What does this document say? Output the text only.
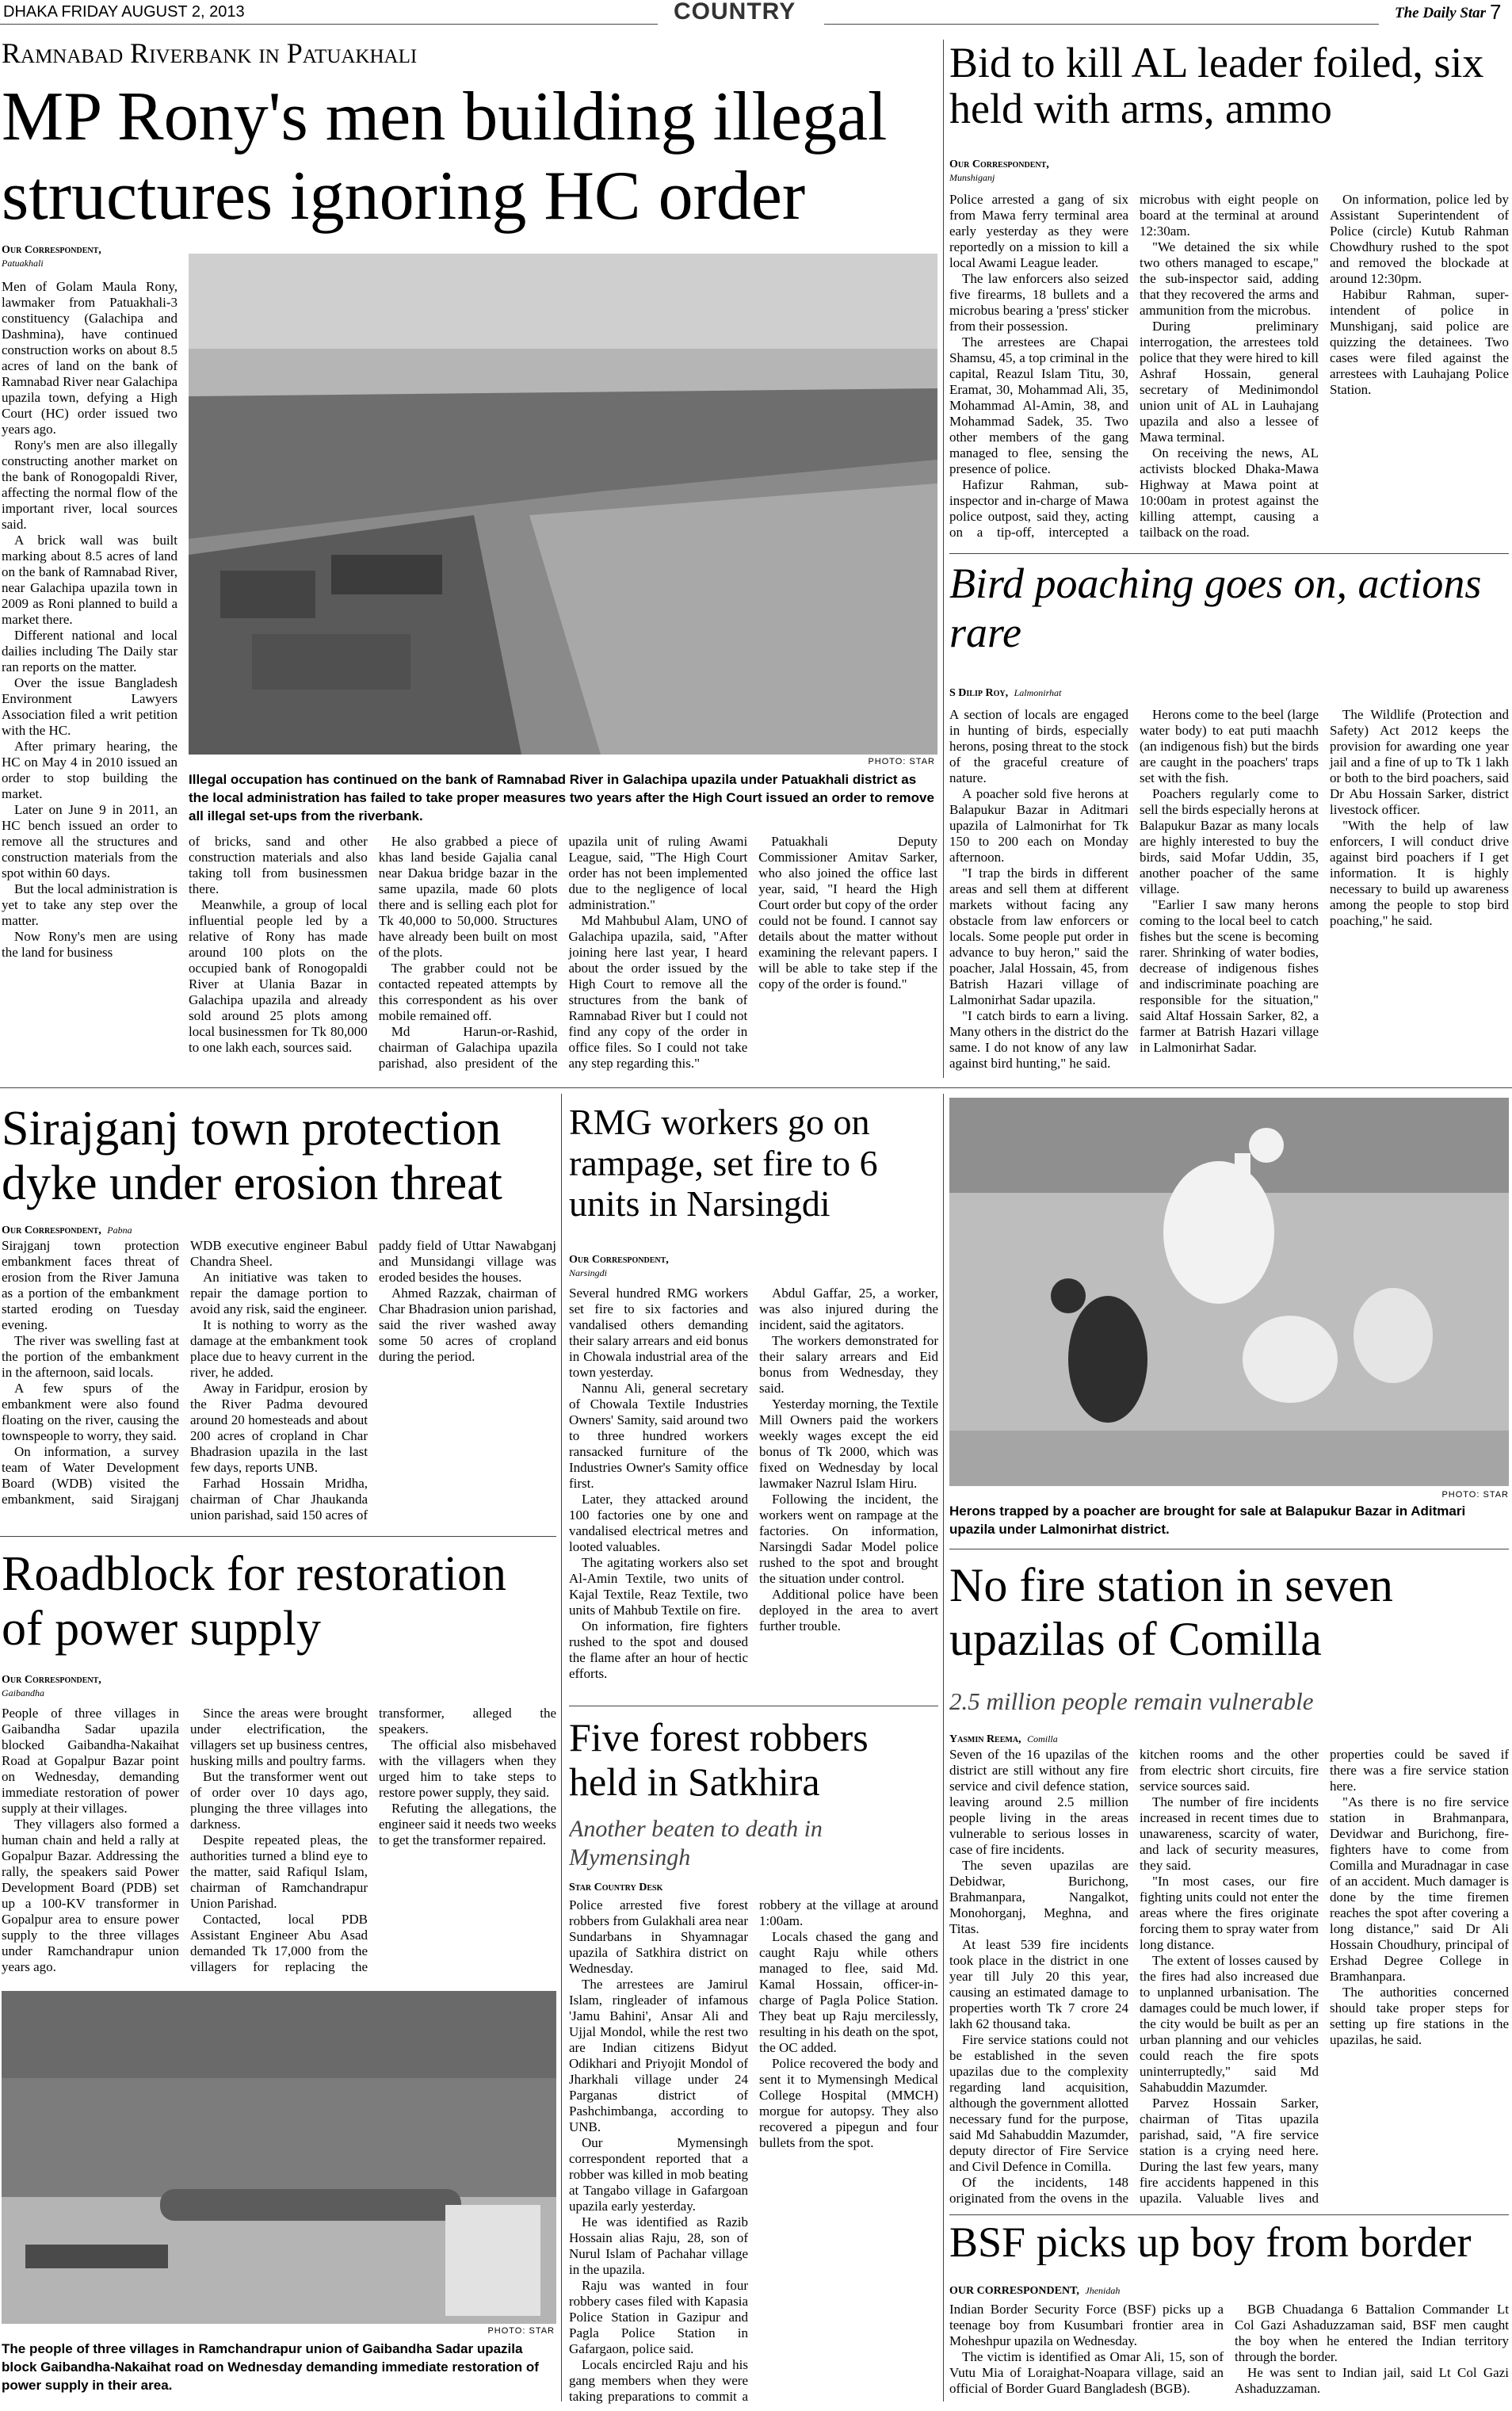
DHAKA FRIDAY AUGUST 2, 2013	COUNTRY	The Daily Star 7
Ramnabad Riverbank in Patuakhali
MP Rony's men building illegal structures ignoring HC order
Our Correspondent,
Patuakhali

Men of Golam Maula Rony, lawmaker from Patuakhali-3 constituency (Galachipa and Dashmina), have continued construction works on about 8.5 acres of land on the bank of Ramnabad River near Galachipa upazila town, defying a High Court (HC) order issued two years ago.

Rony's men are also illegally constructing another market on the bank of Ronogopaldi River, affecting the normal flow of the important river, local sources said.

A brick wall was built marking about 8.5 acres of land on the bank of Ramnabad River, near Galachipa upazila town in 2009 as Roni planned to build a market there.

Different national and local dailies including The Daily star ran reports on the matter.

Over the issue Bangladesh Environment Lawyers Association filed a writ petition with the HC.

After primary hearing, the HC on May 4 in 2010 issued an order to stop building the market.

Later on June 9 in 2011, an HC bench issued an order to remove all the structures and construction materials from the spot within 60 days.

But the local administration is yet to take any step over the matter.

Now Rony's men are using the land for business

PHOTO: STAR
Illegal occupation has continued on the bank of Ramnabad River in Galachipa upazila under Patuakhali district as the local administration has failed to take proper measures two years after the High Court issued an order to remove all illegal set-ups from the riverbank.

of bricks, sand and other construction materials and also taking toll from businessmen there.

Meanwhile, a group of local influential people led by a relative of Rony has made around 100 plots on the occupied bank of Ronogopaldi River at Ulania Bazar in Galachipa upazila and already sold around 25 plots among local businessmen for Tk 80,000 to one lakh each, sources said.

He also grabbed a piece of khas land beside Gajalia canal near Dakua bridge bazar in the same upazila, made 60 plots there and is selling each plot for Tk 40,000 to 50,000. Structures have already been built on most of the plots.

The grabber could not be contacted repeated attempts by this correspondent as his over mobile remained off.

Md Harun-or-Rashid, chairman of Galachipa upazila parishad, also president of the upazila unit of ruling Awami League, said, "The High Court order has not been implemented due to the negligence of local administration."

Md Mahbubul Alam, UNO of Galachipa upazila, said, "After joining here last year, I heard about the order issued by the High Court to remove all the structures from the bank of Ramnabad River but I could not find any copy of the order in office files. So I could not take any step regarding this."

Patuakhali Deputy Commissioner Amitav Sarker, who also joined the office last year, said, "I heard the High Court order but copy of the order could not be found. I cannot say details about the matter without examining the relevant papers. I will be able to take step if the copy of the order is found."

Bid to kill AL leader foiled, six held with arms, ammo
Our Correspondent,
Munshiganj

Police arrested a gang of six from Mawa ferry terminal area early yesterday as they were reportedly on a mission to kill a local Awami League leader.

The law enforcers also seized five firearms, 18 bullets and a microbus bearing a 'press' sticker from their possession.

The arrestees are Chapai Shamsu, 45, a top criminal in the capital, Reazul Islam Titu, 30, Eramat, 30, Mohammad Ali, 35, Mohammad Al-Amin, 38, and Mohammad Sadek, 35. Two other members of the gang managed to flee, sensing the presence of police.

Hafizur Rahman, sub-inspector and in-charge of Mawa police outpost, said they, acting on a tip-off, intercepted a microbus with eight people on board at the terminal at around 12:30am.

"We detained the six while two others managed to escape," the sub-inspector said, adding that they recovered the arms and ammunition from the microbus.

During preliminary interrogation, the arrestees told police that they were hired to kill Ashraf Hossain, general secretary of Medinimondol union unit of AL in Lauhajang upazila and also a lessee of Mawa terminal.

On receiving the news, AL activists blocked Dhaka-Mawa Highway at Mawa point at 10:00am in protest against the killing attempt, causing a tailback on the road.

On information, police led by Assistant Superintendent of Police (circle) Kutub Rahman Chowdhury rushed to the spot and removed the blockade at around 12:30pm.

Habibur Rahman, super-intendent of police in Munshiganj, said police are quizzing the detainees. Two cases were filed against the arrestees with Lauhajang Police Station.

Bird poaching goes on, actions rare
S Dilip Roy, Lalmonirhat

A section of locals are engaged in hunting of birds, especially herons, posing threat to the stock of the graceful creature of nature.

A poacher sold five herons at Balapukur Bazar in Aditmari upazila of Lalmonirhat for Tk 150 to 200 each on Monday afternoon.

"I trap the birds in different areas and sell them at different markets without facing any obstacle from law enforcers or locals. Some people put order in advance to buy heron," said the poacher, Jalal Hossain, 45, from Batrish Hazari village of Lalmonirhat Sadar upazila.

"I catch birds to earn a living. Many others in the district do the same. I do not know of any law against bird hunting," he said.

Herons come to the beel (large water body) to eat puti maachh (an indigenous fish) but the birds are caught in the poachers' traps set with the fish.

Poachers regularly come to sell the birds especially herons at Balapukur Bazar as many locals are highly interested to buy the birds, said Mofar Uddin, 35, another poacher of the same village.

"Earlier I saw many herons coming to the local beel to catch fishes but the scene is becoming rarer. Shrinking of water bodies, decrease of indigenous fishes and indiscriminate poaching are responsible for the situation," said Altaf Hossain Sarker, 82, a farmer at Batrish Hazari village in Lalmonirhat Sadar.

The Wildlife (Protection and Safety) Act 2012 keeps the provision for awarding one year jail and a fine of up to Tk 1 lakh or both to the bird poachers, said Dr Abu Hossain Sarker, district livestock officer.

"With the help of law enforcers, I will conduct drive against bird poachers if I get information. It is highly necessary to build up awareness among the people to stop bird poaching," he said.

PHOTO: STAR
Herons trapped by a poacher are brought for sale at Balapukur Bazar in Aditmari upazila under Lalmonirhat district.
Sirajganj town protection dyke under erosion threat
Our Correspondent, Pabna

Sirajganj town protection embankment faces threat of erosion from the River Jamuna as a portion of the embankment started eroding on Tuesday evening.

The river was swelling fast at the portion of the embankment in the afternoon, said locals.

A few spurs of the embankment were also found floating on the river, causing the townspeople to worry, they said.

On information, a survey team of Water Development Board (WDB) visited the embankment, said Sirajganj WDB executive engineer Babul Chandra Sheel.

An initiative was taken to repair the damage portion to avoid any risk, said the engineer.

It is nothing to worry as the damage at the embankment took place due to heavy current in the river, he added.

Away in Faridpur, erosion by the River Padma devoured around 20 homesteads and about 200 acres of cropland in Char Bhadrasion upazila in the last few days, reports UNB.

Farhad Hossain Mridha, chairman of Char Jhaukanda union parishad, said 150 acres of paddy field of Uttar Nawabganj and Munsidangi village was eroded besides the houses.

Ahmed Razzak, chairman of Char Bhadrasion union parishad, said the river washed away some 50 acres of cropland during the period.

RMG workers go on rampage, set fire to 6 units in Narsingdi
Our Correspondent,
Narsingdi

Several hundred RMG workers set fire to six factories and vandalised others demanding their salary arrears and eid bonus in Chowala industrial area of the town yesterday.

Nannu Ali, general secretary of Chowala Textile Industries Owners' Samity, said around two to three hundred workers ransacked furniture of the Industries Owner's Samity office first.

Later, they attacked around 100 factories one by one and vandalised electrical metres and looted valuables.

The agitating workers also set Al-Amin Textile, two units of Kajal Textile, Reaz Textile, two units of Mahbub Textile on fire.

On information, fire fighters rushed to the spot and doused the flame after an hour of hectic efforts.

Abdul Gaffar, 25, a worker, was also injured during the incident, said the agitators.

The workers demonstrated for their salary arrears and Eid bonus from Wednesday, they said.

Yesterday morning, the Textile Mill Owners paid the workers weekly wages except the eid bonus of Tk 2000, which was fixed on Wednesday by local lawmaker Nazrul Islam Hiru.

Following the incident, the workers went on rampage at the factories. On information, Narsingdi Sadar Model police rushed to the spot and brought the situation under control.

Additional police have been deployed in the area to avert further trouble.

Roadblock for restoration of power supply
Our Correspondent,
Gaibandha

People of three villages in Gaibandha Sadar upazila blocked Gaibandha-Nakaihat Road at Gopalpur Bazar point on Wednesday, demanding immediate restoration of power supply at their villages.

They villagers also formed a human chain and held a rally at Gopalpur Bazar. Addressing the rally, the speakers said Power Development Board (PDB) set up a 100-KV transformer in Gopalpur area to ensure power supply to the three villages under Ramchandrapur union years ago.

Since the areas were brought under electrification, the villagers set up business centres, husking mills and poultry farms.

But the transformer went out of order over 10 days ago, plunging the three villages into darkness.

Despite repeated pleas, the authorities turned a blind eye to the matter, said Rafiqul Islam, chairman of Ramchandrapur Union Parishad.

Contacted, local PDB Assistant Engineer Abu Asad demanded Tk 17,000 from the villagers for replacing the transformer, alleged the speakers.

The official also misbehaved with the villagers when they urged him to take steps to restore power supply, they said.

Refuting the allegations, the engineer said it needs two weeks to get the transformer repaired.

PHOTO: STAR
The people of three villages in Ramchandrapur union of Gaibandha Sadar upazila block Gaibandha-Nakaihat road on Wednesday demanding immediate restoration of power supply in their area.
Five forest robbers held in Satkhira
Another beaten to death in Mymensingh
Star Country Desk

Police arrested five forest robbers from Gulakhali area near Sundarbans in Shyamnagar upazila of Satkhira district on Wednesday.

The arrestees are Jamirul Islam, ringleader of infamous 'Jamu Bahini', Ansar Ali and Ujjal Mondol, while the rest two are Indian citizens Bidyut Odikhari and Priyojit Mondol of Jharkhali village under 24 Parganas district of Pashchimbanga, according to UNB.

Our Mymensingh correspondent reported that a robber was killed in mob beating at Tangabo village in Gafargoan upazila early yesterday.

He was identified as Razib Hossain alias Raju, 28, son of Nurul Islam of Pachahar village in the upazila.

Raju was wanted in four robbery cases filed with Kapasia Police Station in Gazipur and Pagla Police Station in Gafargaon, police said.

Locals encircled Raju and his gang members when they were taking preparations to commit a robbery at the village at around 1:00am.

Locals chased the gang and caught Raju while others managed to flee, said Md. Kamal Hossain, officer-in-charge of Pagla Police Station. They beat up Raju mercilessly, resulting in his death on the spot, the OC added.

Police recovered the body and sent it to Mymensingh Medical College Hospital (MMCH) morgue for autopsy. They also recovered a pipegun and four bullets from the spot.

No fire station in seven upazilas of Comilla
2.5 million people remain vulnerable
Yasmin Reema, Comilla

Seven of the 16 upazilas of the district are still without any fire service and civil defence station, leaving around 2.5 million people living in the areas vulnerable to serious losses in case of fire incidents.

The seven upazilas are Debidwar, Burichong, Brahmanpara, Nangalkot, Monohorganj, Meghna, and Titas.

At least 539 fire incidents took place in the district in one year till July 20 this year, causing an estimated damage to properties worth Tk 7 crore 24 lakh 62 thousand taka.

Fire service stations could not be established in the seven upazilas due to the complexity regarding land acquisition, although the government allotted necessary fund for the purpose, said Md Sahabuddin Mazumder, deputy director of Fire Service and Civil Defence in Comilla.

Of the incidents, 148 originated from the ovens in the kitchen rooms and the other from electric short circuits, fire service sources said.

The number of fire incidents increased in recent times due to unawareness, scarcity of water, and lack of security measures, they said.

"In most cases, our fire fighting units could not enter the areas where the fires originate forcing them to spray water from long distance.

The extent of losses caused by the fires had also increased due to unplanned urbanisation. The damages could be much lower, if the city would be built as per an urban planning and our vehicles could reach the fire spots uninterruptedly," said Md Sahabuddin Mazumder.

Parvez Hossain Sarker, chairman of Titas upazila parishad, said, "A fire service station is a crying need here. During the last few years, many fire accidents happened in this upazila. Valuable lives and properties could be saved if there was a fire service station here.

"As there is no fire service station in Brahmanpara, Devidwar and Burichong, fire-fighters have to come from Comilla and Muradnagar in case of an accident. Much damager is done by the time firemen reaches the spot after covering a long distance," said Dr Ali Hossain Choudhury, principal of Ershad Degree College in Bramhanpara.

The authorities concerned should take proper steps for setting up fire stations in the upazilas, he said.

BSF picks up boy from border
OUR CORRESPONDENT, Jhenidah

Indian Border Security Force (BSF) picks up a teenage boy from Kusumbari frontier area in Moheshpur upazila on Wednesday.

The victim is identified as Omar Ali, 15, son of Vutu Mia of Loraighat-Noapara village, said an official of Border Guard Bangladesh (BGB).

BGB Chuadanga 6 Battalion Commander Lt Col Gazi Ashaduzzaman said, BSF men caught the boy when he entered the Indian territory through the border.

He was sent to Indian jail, said Lt Col Gazi Ashaduzzaman.
